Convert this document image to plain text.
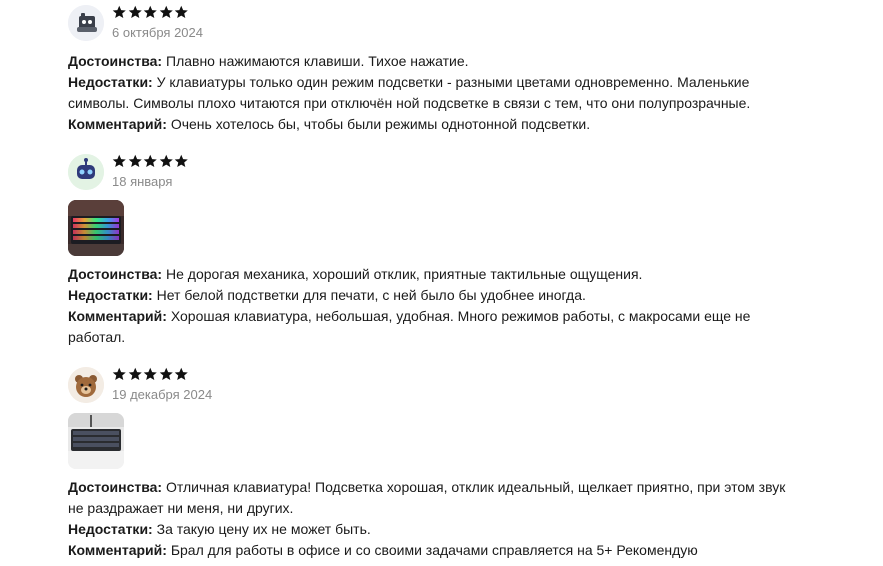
6 октября 2024

Достоинства: Плавно нажимаются клавиши. Тихое нажатие.

Недостатки: У клавиатуры только один режим подсветки - разными цветами одновременно. Маленькие символы. Символы плохо читаются при отключён ной подсветке в связи с тем, что они полупрозрачные.

Комментарий: Очень хотелось бы, чтобы были режимы однотонной подсветки.

18 января

Достоинства: Не дорогая механика, хороший отклик, приятные тактильные ощущения.

Недостатки: Нет белой подстветки для печати, с ней было бы удобнее иногда.

Комментарий: Хорошая клавиатура, небольшая, удобная. Много режимов работы, с макросами еще не работал.

19 декабря 2024

Достоинства: Отличная клавиатура! Подсветка хорошая, отклик идеальный, щелкает приятно, при этом звук не раздражает ни меня, ни других.

Недостатки: За такую цену их не может быть.

Комментарий: Брал для работы в офисе и со своими задачами справляется на 5+ Рекомендую
